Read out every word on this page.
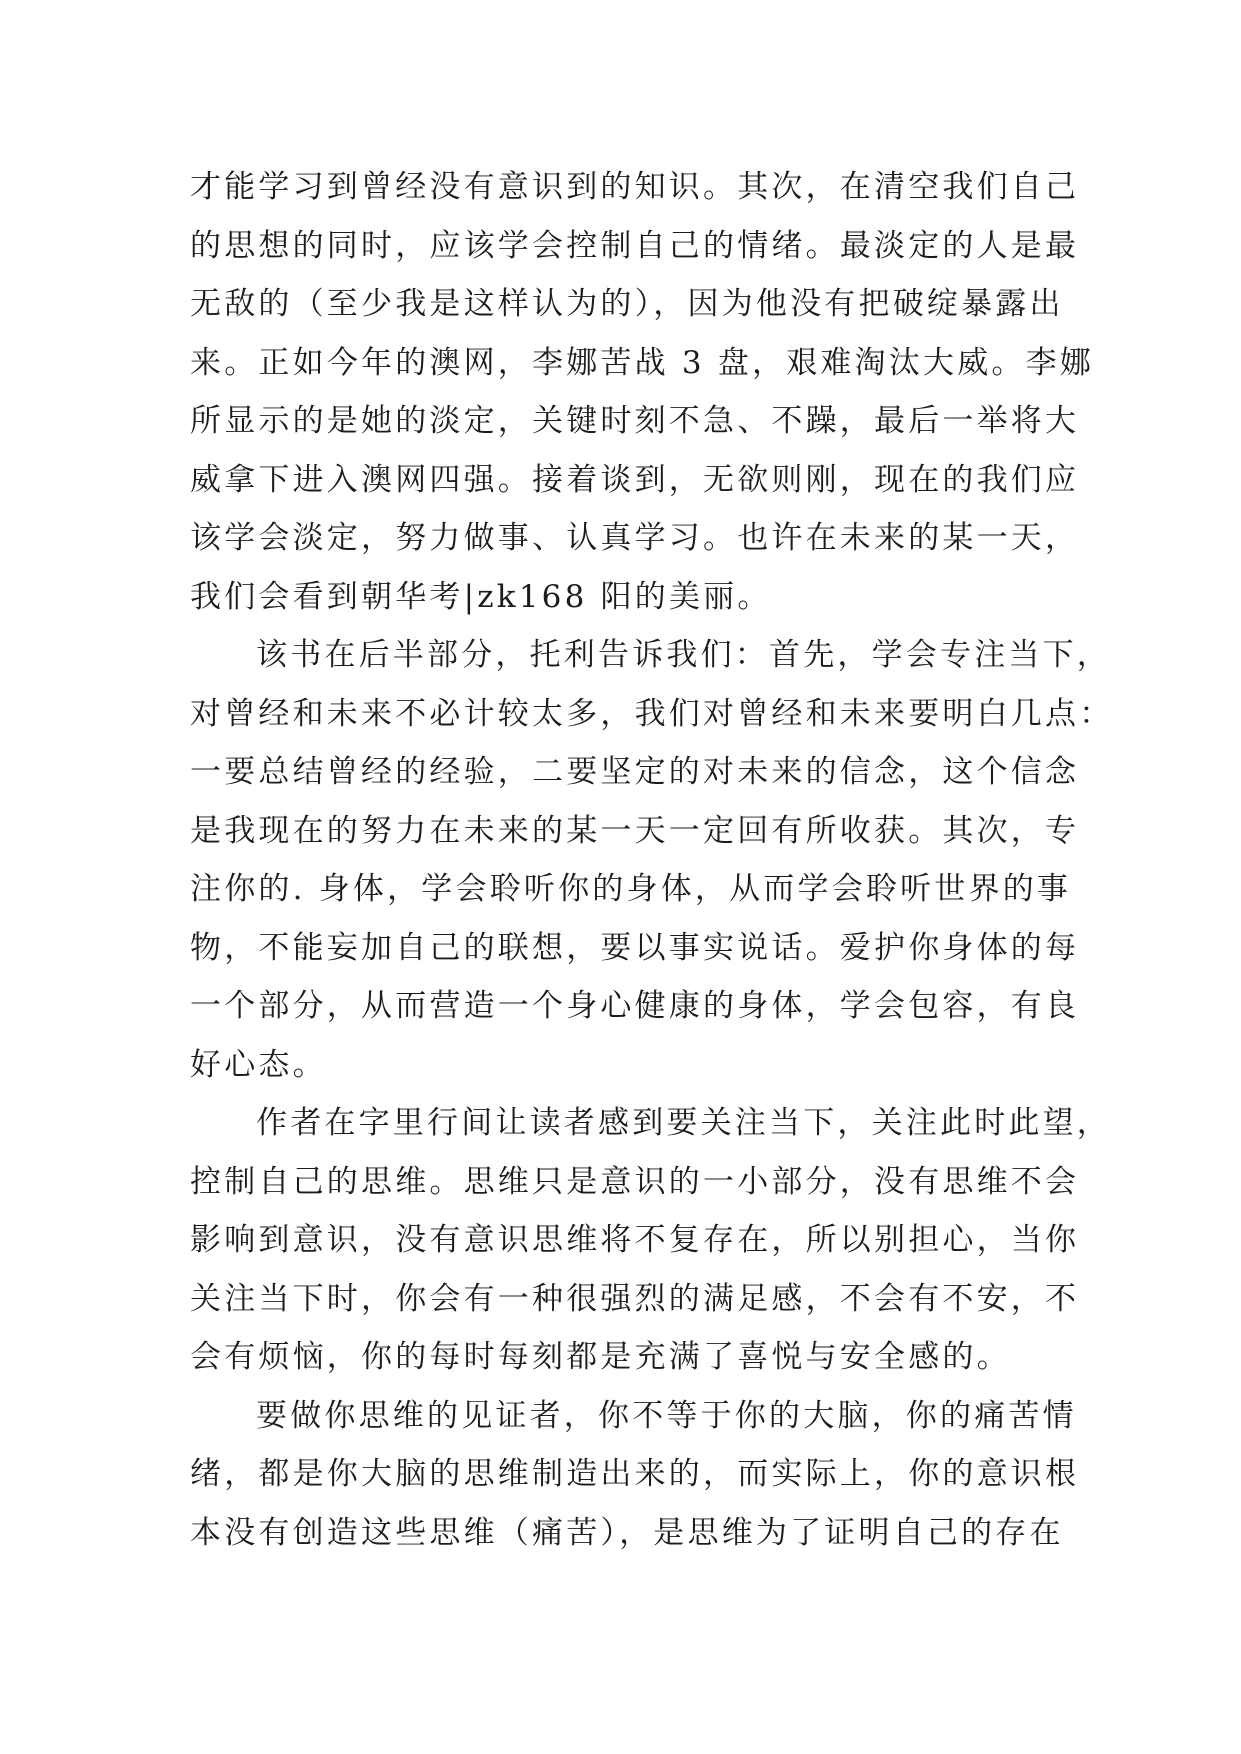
才能学习到曾经没有意识到的知识。其次，在清空我们自己
的思想的同时，应该学会控制自己的情绪。最淡定的人是最
无敌的（至少我是这样认为的），因为他没有把破绽暴露出
来。正如今年的澳网，李娜苦战 3 盘，艰难淘汰大威。李娜
所显示的是她的淡定，关键时刻不急、不躁，最后一举将大
威拿下进入澳网四强。接着谈到，无欲则刚，现在的我们应
该学会淡定，努力做事、认真学习。也许在未来的某一天，
我们会看到朝华考|zk168 阳的美丽。
该书在后半部分，托利告诉我们：首先，学会专注当下，
对曾经和未来不必计较太多，我们对曾经和未来要明白几点：
一要总结曾经的经验，二要坚定的对未来的信念，这个信念
是我现在的努力在未来的某一天一定回有所收获。其次，专
注你的. 身体，学会聆听你的身体，从而学会聆听世界的事
物，不能妄加自己的联想，要以事实说话。爱护你身体的每
一个部分，从而营造一个身心健康的身体，学会包容，有良
好心态。
作者在字里行间让读者感到要关注当下，关注此时此望，
控制自己的思维。思维只是意识的一小部分，没有思维不会
影响到意识，没有意识思维将不复存在，所以别担心，当你
关注当下时，你会有一种很强烈的满足感，不会有不安，不
会有烦恼，你的每时每刻都是充满了喜悦与安全感的。
要做你思维的见证者，你不等于你的大脑，你的痛苦情
绪，都是你大脑的思维制造出来的，而实际上，你的意识根
本没有创造这些思维（痛苦），是思维为了证明自己的存在
